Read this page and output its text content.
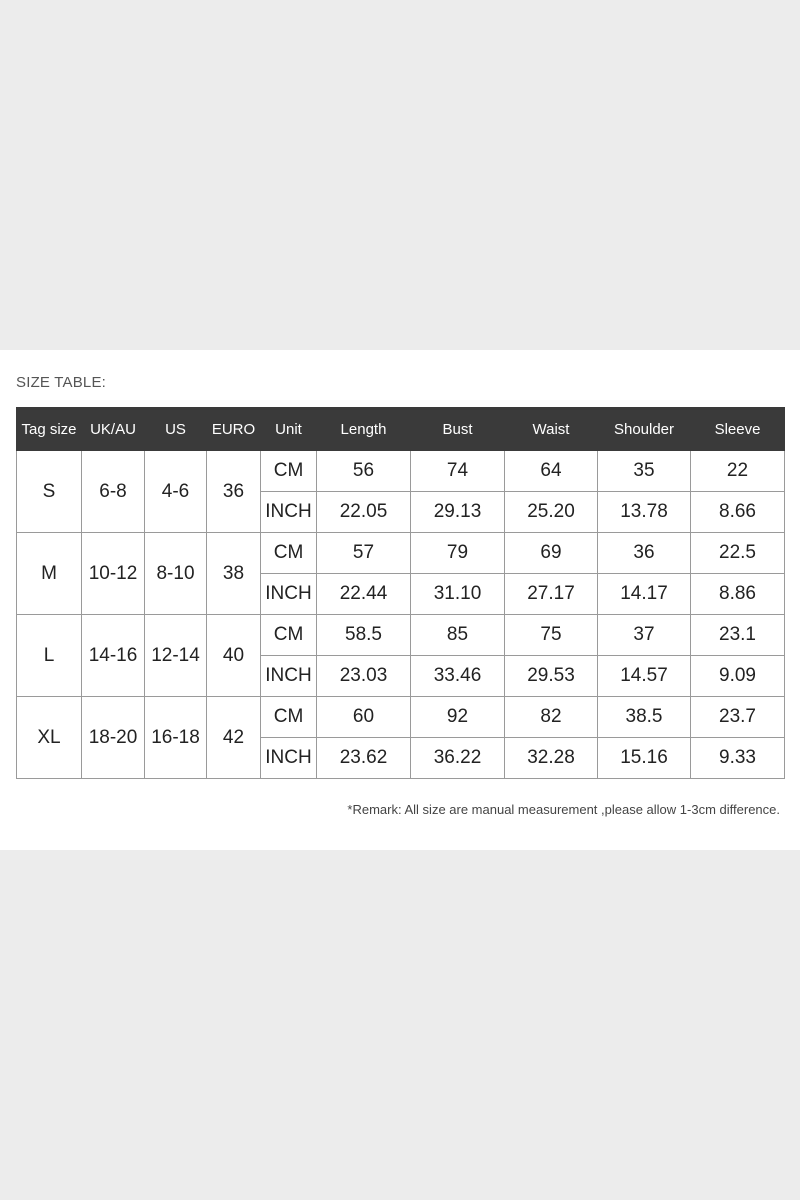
SIZE TABLE:
Tag size	UK/AU	US	EURO	Unit	Length	Bust	Waist	Shoulder	Sleeve
S	6-8	4-6	36	CM	56	74	64	35	22
				INCH	22.05	29.13	25.20	13.78	8.66
M	10-12	8-10	38	CM	57	79	69	36	22.5
				INCH	22.44	31.10	27.17	14.17	8.86
L	14-16	12-14	40	CM	58.5	85	75	37	23.1
				INCH	23.03	33.46	29.53	14.57	9.09
XL	18-20	16-18	42	CM	60	92	82	38.5	23.7
				INCH	23.62	36.22	32.28	15.16	9.33
*Remark: All size are manual measurement ,please allow 1-3cm difference.
